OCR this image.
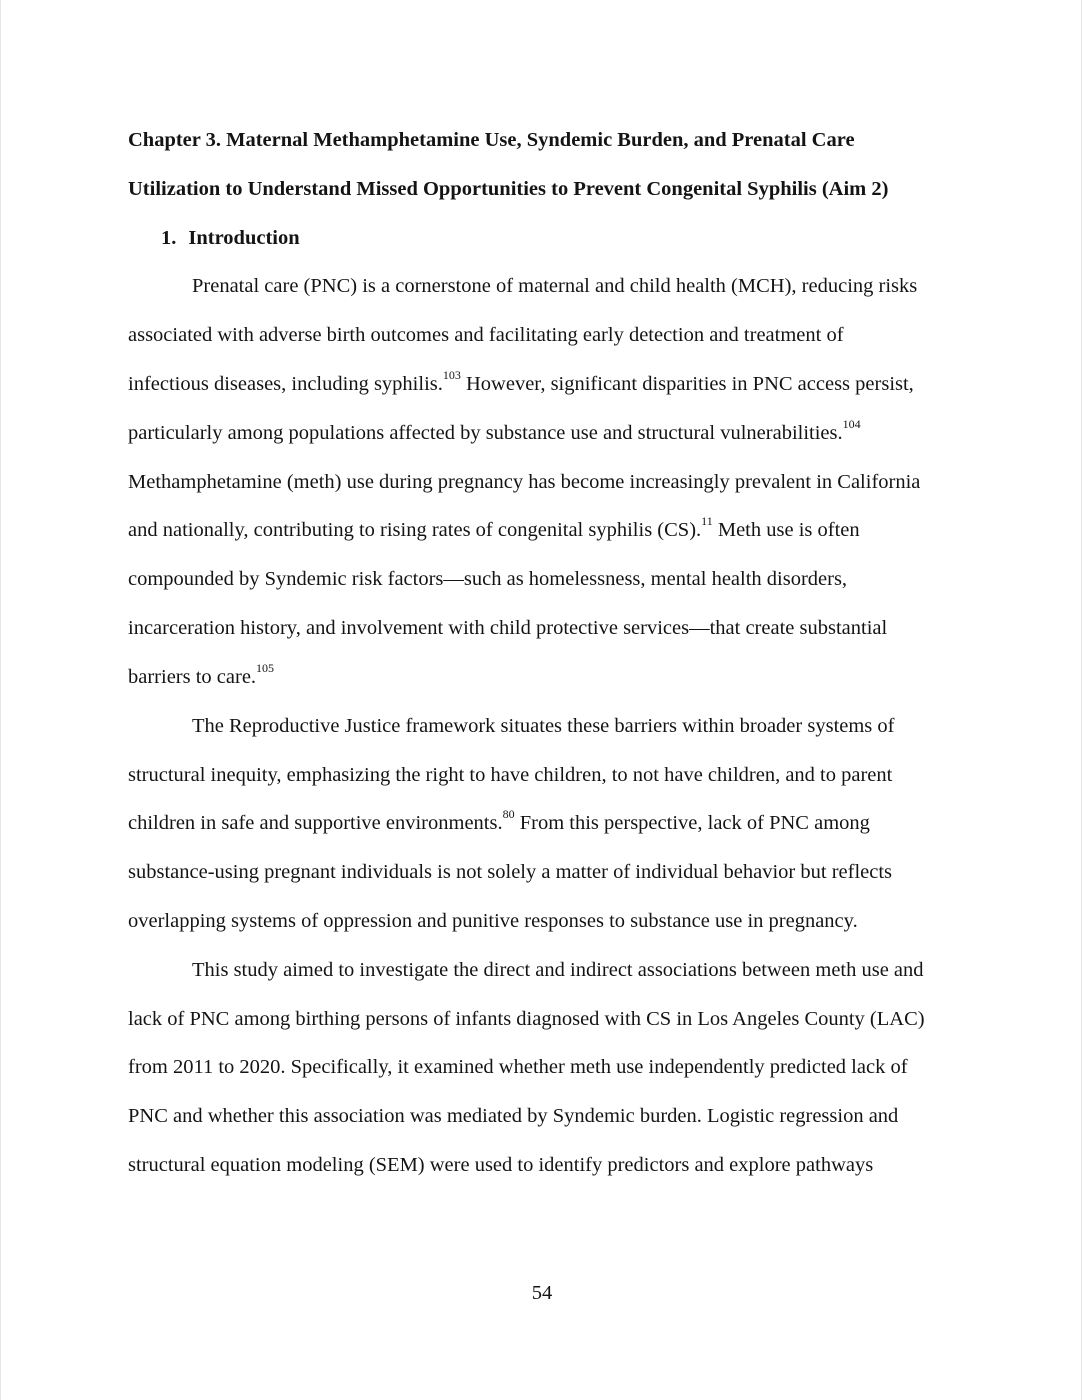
Chapter 3. Maternal Methamphetamine Use, Syndemic Burden, and Prenatal Care
Utilization to Understand Missed Opportunities to Prevent Congenital Syphilis (Aim 2)
1. Introduction
Prenatal care (PNC) is a cornerstone of maternal and child health (MCH), reducing risks
associated with adverse birth outcomes and facilitating early detection and treatment of
infectious diseases, including syphilis.$^{103}$ However, significant disparities in PNC access persist,
particularly among populations affected by substance use and structural vulnerabilities.$^{104}$
Methamphetamine (meth) use during pregnancy has become increasingly prevalent in California
and nationally, contributing to rising rates of congenital syphilis (CS).$^{11}$ Meth use is often
compounded by Syndemic risk factors—such as homelessness, mental health disorders,
incarceration history, and involvement with child protective services—that create substantial
barriers to care.$^{105}$
The Reproductive Justice framework situates these barriers within broader systems of
structural inequity, emphasizing the right to have children, to not have children, and to parent
children in safe and supportive environments.$^{80}$ From this perspective, lack of PNC among
substance-using pregnant individuals is not solely a matter of individual behavior but reflects
overlapping systems of oppression and punitive responses to substance use in pregnancy.
This study aimed to investigate the direct and indirect associations between meth use and
lack of PNC among birthing persons of infants diagnosed with CS in Los Angeles County (LAC)
from 2011 to 2020. Specifically, it examined whether meth use independently predicted lack of
PNC and whether this association was mediated by Syndemic burden. Logistic regression and
structural equation modeling (SEM) were used to identify predictors and explore pathways
54
